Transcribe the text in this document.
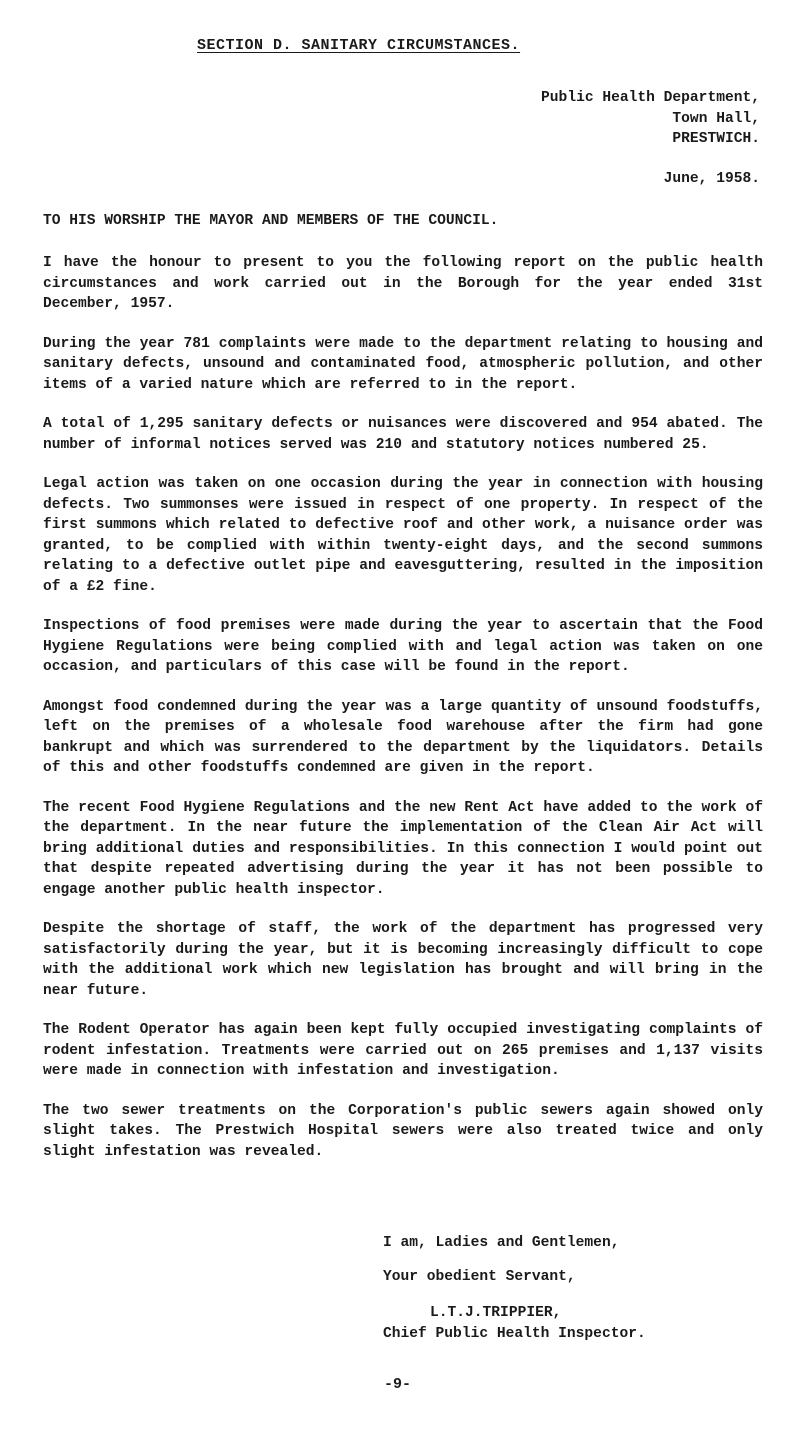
SECTION D. SANITARY CIRCUMSTANCES.
Public Health Department,
Town Hall,
PRESTWICH.
June, 1958.
TO HIS WORSHIP THE MAYOR AND MEMBERS OF THE COUNCIL.

I have the honour to present to you the following report on the public health circumstances and work carried out in the Borough for the year ended 31st December, 1957.

During the year 781 complaints were made to the department relating to housing and sanitary defects, unsound and contaminated food, atmospheric pollution, and other items of a varied nature which are referred to in the report.

A total of 1,295 sanitary defects or nuisances were discovered and 954 abated. The number of informal notices served was 210 and statutory notices numbered 25.

Legal action was taken on one occasion during the year in connection with housing defects. Two summonses were issued in respect of one property. In respect of the first summons which related to defective roof and other work, a nuisance order was granted, to be complied with within twenty-eight days, and the second summons relating to a defective outlet pipe and eavesguttering, resulted in the imposition of a £2 fine.

Inspections of food premises were made during the year to ascertain that the Food Hygiene Regulations were being complied with and legal action was taken on one occasion, and particulars of this case will be found in the report.

Amongst food condemned during the year was a large quantity of unsound foodstuffs, left on the premises of a wholesale food warehouse after the firm had gone bankrupt and which was surrendered to the department by the liquidators. Details of this and other foodstuffs condemned are given in the report.

The recent Food Hygiene Regulations and the new Rent Act have added to the work of the department. In the near future the implementation of the Clean Air Act will bring additional duties and responsibilities. In this connection I would point out that despite repeated advertising during the year it has not been possible to engage another public health inspector.

Despite the shortage of staff, the work of the department has progressed very satisfactorily during the year, but it is becoming increasingly difficult to cope with the additional work which new legislation has brought and will bring in the near future.

The Rodent Operator has again been kept fully occupied investigating complaints of rodent infestation. Treatments were carried out on 265 premises and 1,137 visits were made in connection with infestation and investigation.

The two sewer treatments on the Corporation's public sewers again showed only slight takes. The Prestwich Hospital sewers were also treated twice and only slight infestation was revealed.

I am, Ladies and Gentlemen,
Your obedient Servant,
L.T.J.TRIPPIER,
Chief Public Health Inspector.
-9-
